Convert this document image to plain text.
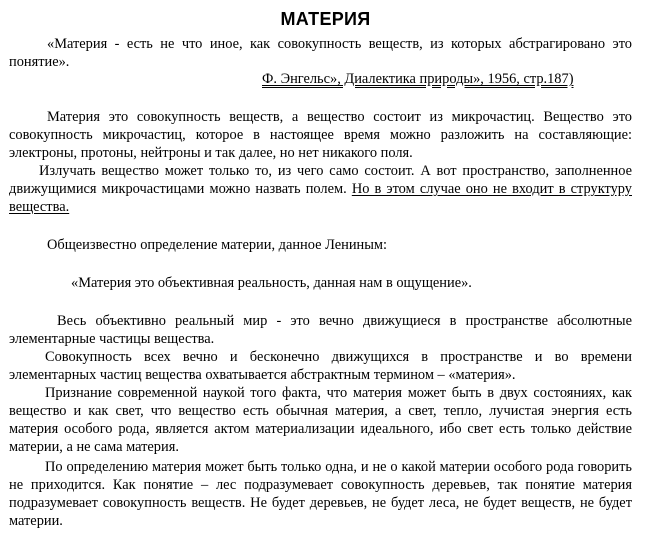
МАТЕРИЯ
«Материя - есть не что иное, как совокупность веществ, из которых абстрагировано это понятие».
Ф. Энгельс», Диалектика природы», 1956, стр.187)
Материя это совокупность веществ, а вещество состоит из микрочастиц. Вещество это совокупность микрочастиц, которое в настоящее время можно разложить на составляющие: электроны, протоны, нейтроны и так далее, но нет никакого поля.
Излучать вещество может только то, из чего само состоит. А вот пространство, заполненное движущимися микрочастицами можно назвать полем. Но в этом случае оно не входит в структуру вещества.
Общеизвестно определение материи, данное Лениным:
«Материя это объективная реальность, данная нам в ощущение».
Весь объективно реальный мир - это вечно движущиеся в пространстве абсолютные элементарные частицы вещества.
Совокупность всех вечно и бесконечно движущихся в пространстве и во времени элементарных частиц вещества охватывается абстрактным термином – «материя».
Признание современной наукой того факта, что материя может быть в двух состояниях, как вещество и как свет, что вещество есть обычная материя, а свет, тепло, лучистая энергия есть материя особого рода, является актом материализации идеального, ибо свет есть только действие материи, а не сама материя.
По определению материя может быть только одна, и не о какой материи особого рода говорить не приходится. Как понятие – лес подразумевает совокупность деревьев, так понятие материя подразумевает совокупность веществ. Не будет деревьев, не будет леса, не будет веществ, не будет материи.
